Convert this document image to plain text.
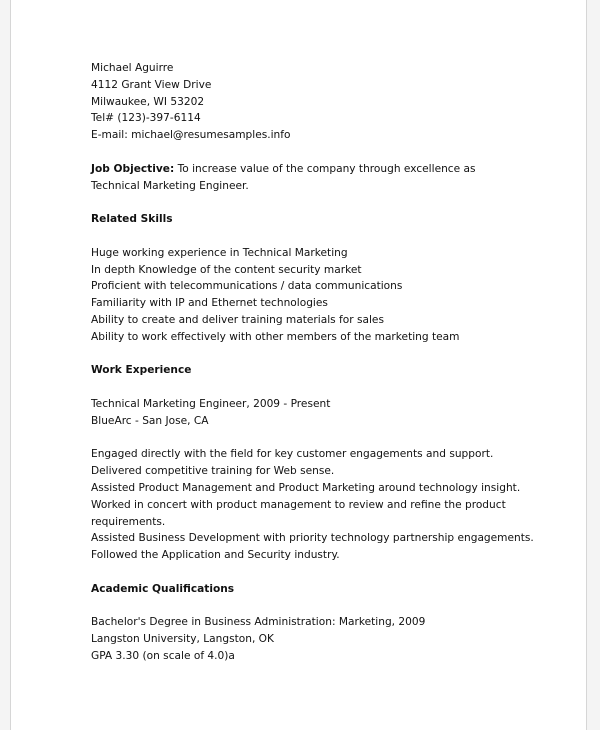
Michael Aguirre
4112 Grant View Drive
Milwaukee, WI 53202
Tel# (123)-397-6114
E-mail: michael@resumesamples.info
Job Objective: To increase value of the company through excellence as Technical Marketing Engineer.
Related Skills
Huge working experience in Technical Marketing
In depth Knowledge of the content security market
Proficient with telecommunications / data communications
Familiarity with IP and Ethernet technologies
Ability to create and deliver training materials for sales
Ability to work effectively with other members of the marketing team
Work Experience
Technical Marketing Engineer, 2009 - Present
BlueArc - San Jose, CA
Engaged directly with the field for key customer engagements and support.
Delivered competitive training for Web sense.
Assisted Product Management and Product Marketing around technology insight.
Worked in concert with product management to review and refine the product requirements.
Assisted Business Development with priority technology partnership engagements.
Followed the Application and Security industry.
Academic Qualifications
Bachelor's Degree in Business Administration: Marketing, 2009
Langston University, Langston, OK
GPA 3.30 (on scale of 4.0)a
